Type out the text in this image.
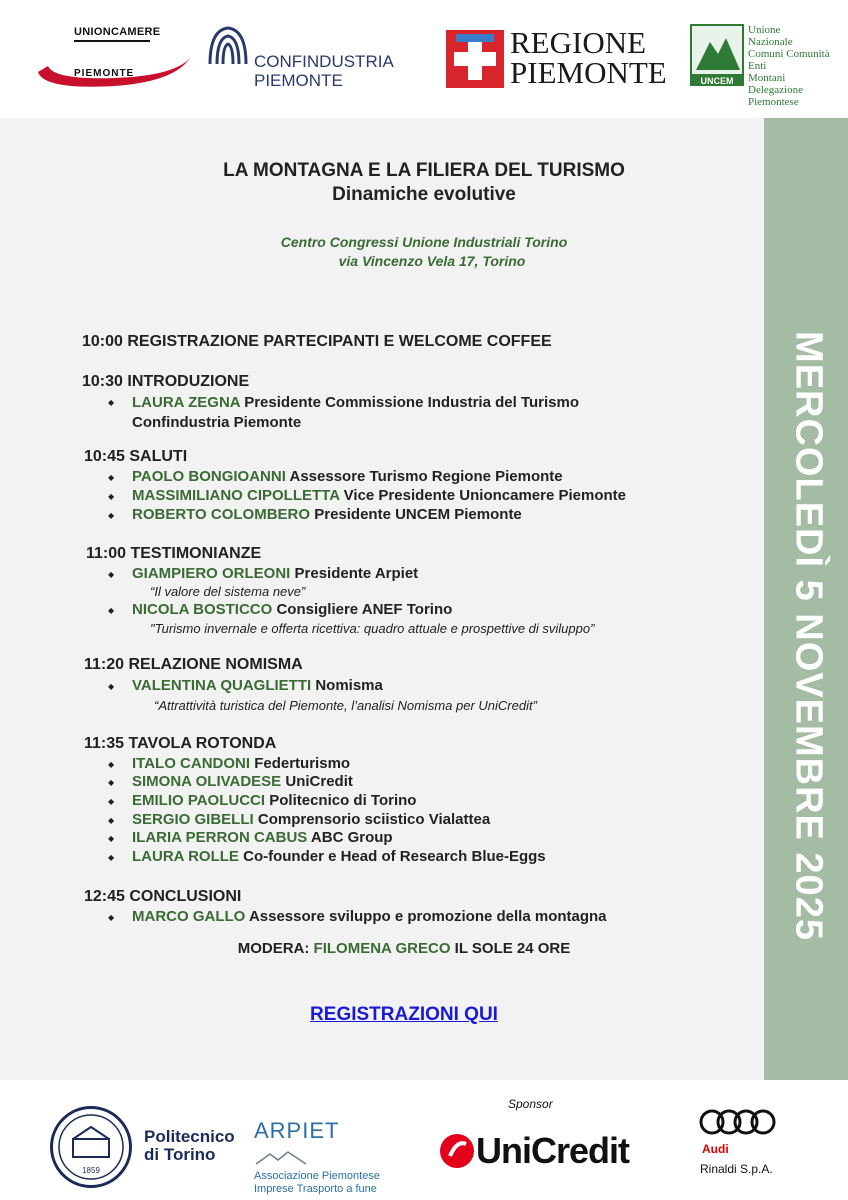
UNIONCAMERE
PIEMONTE
CONFINDUSTRIA
PIEMONTE
REGIONE
PIEMONTE	UNCEM
Unione
Nazionale
Comuni Comunità
Enti
Montani
Delegazione Piemontese
MERCOLEDÌ 5 NOVEMBRE 2025
LA MONTAGNA E LA FILIERA DEL TURISMO
Dinamiche evolutive
Centro Congressi Unione Industriali Torino
via Vincenzo Vela 17, Torino
10:00 REGISTRAZIONE PARTECIPANTI E WELCOME COFFEE
10:30 INTRODUZIONE
◆ LAURA ZEGNA Presidente Commissione Industria del Turismo
Confindustria Piemonte
10:45 SALUTI
◆ PAOLO BONGIOANNI Assessore Turismo Regione Piemonte
◆ MASSIMILIANO CIPOLLETTA Vice Presidente Unioncamere Piemonte
◆ ROBERTO COLOMBERO Presidente UNCEM Piemonte
11:00 TESTIMONIANZE
◆ GIAMPIERO ORLEONI Presidente Arpiet
“Il valore del sistema neve”
◆ NICOLA BOSTICCO Consigliere ANEF Torino
"Turismo invernale e offerta ricettiva: quadro attuale e prospettive di sviluppo”
11:20 RELAZIONE NOMISMA
◆ VALENTINA QUAGLIETTI Nomisma
“Attrattività turistica del Piemonte, l’analisi Nomisma per UniCredit”
11:35 TAVOLA ROTONDA
◆ ITALO CANDONI Federturismo
◆ SIMONA OLIVADESE UniCredit
◆ EMILIO PAOLUCCI Politecnico di Torino
◆ SERGIO GIBELLI Comprensorio sciistico Vialattea
◆ ILARIA PERRON CABUS ABC Group
◆ LAURA ROLLE Co-founder e Head of Research Blue-Eggs
12:45 CONCLUSIONI
◆ MARCO GALLO Assessore sviluppo e promozione della montagna
MODERA: FILOMENA GRECO IL SOLE 24 ORE
REGISTRAZIONI QUI
Sponsor
1859
Politecnico
di Torino
ARPIET
Associazione Piemontese
Imprese Trasporto a fune
UniCredit	Audi
Rinaldi S.p.A.
